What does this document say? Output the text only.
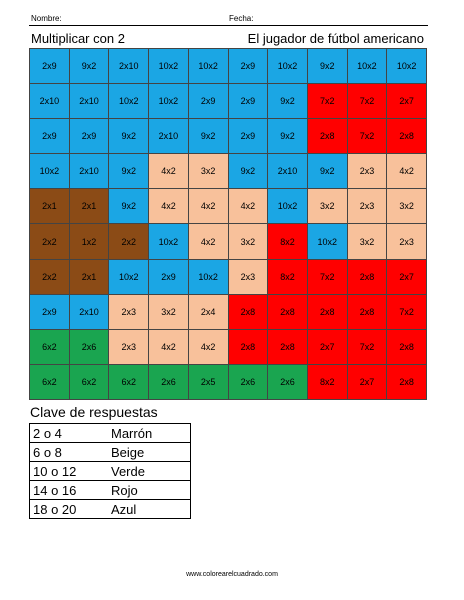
Nombre:	Fecha:
Multiplicar con 2	El jugador de fútbol americano
2x9	9x2	2x10	10x2	10x2	2x9	10x2	9x2	10x2	10x2
2x10	2x10	10x2	10x2	2x9	2x9	9x2	7x2	7x2	2x7
2x9	2x9	9x2	2x10	9x2	2x9	9x2	2x8	7x2	2x8
10x2	2x10	9x2	4x2	3x2	9x2	2x10	9x2	2x3	4x2
2x1	2x1	9x2	4x2	4x2	4x2	10x2	3x2	2x3	3x2
2x2	1x2	2x2	10x2	4x2	3x2	8x2	10x2	3x2	2x3
2x2	2x1	10x2	2x9	10x2	2x3	8x2	7x2	2x8	2x7
2x9	2x10	2x3	3x2	2x4	2x8	2x8	2x8	2x8	7x2
6x2	2x6	2x3	4x2	4x2	2x8	2x8	2x7	7x2	2x8
6x2	6x2	6x2	2x6	2x5	2x6	2x6	8x2	2x7	2x8
Clave de respuestas
2 o 4	Marrón
6 o 8	Beige
10 o 12	Verde
14 o 16	Rojo
18 o 20	Azul
www.colorearelcuadrado.com
